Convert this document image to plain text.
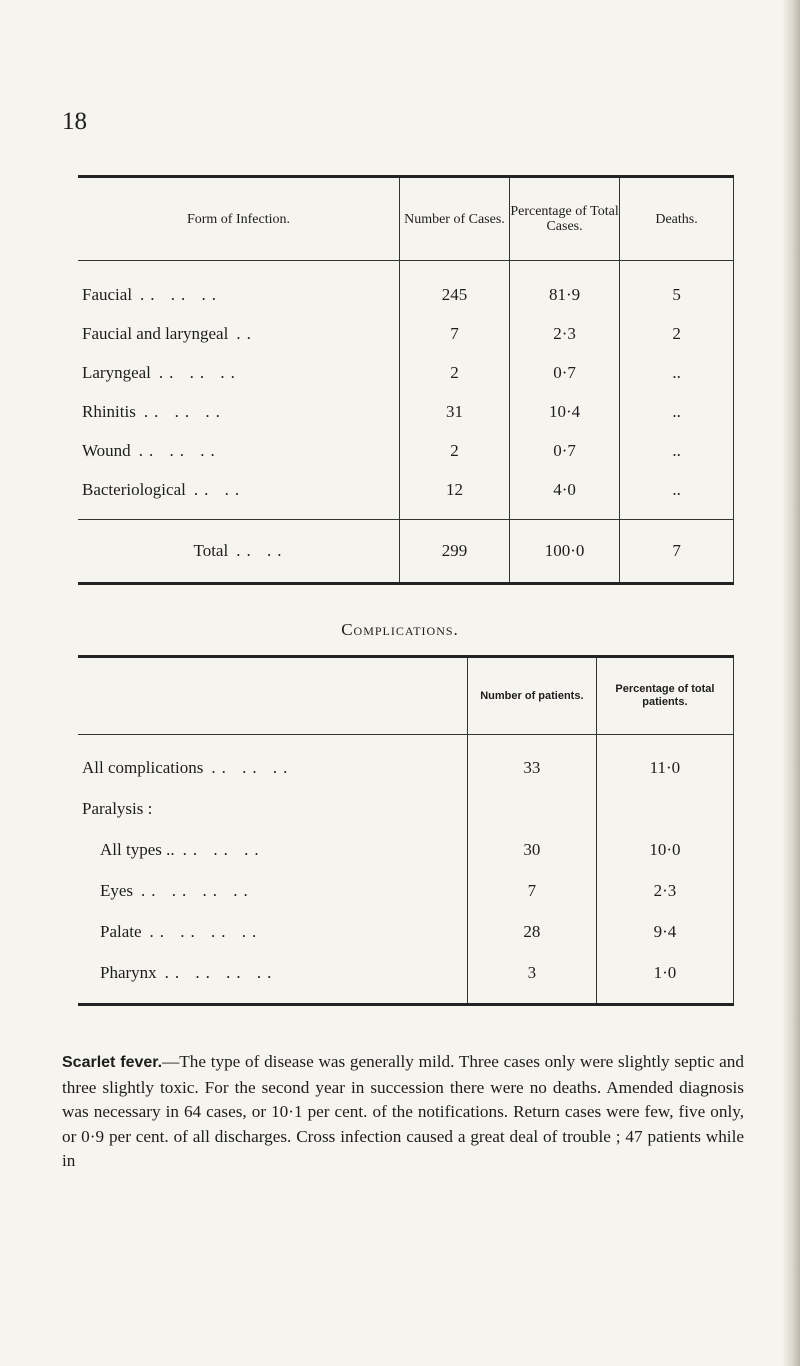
18
Form of Infection.	Number of Cases.	Percentage of Total Cases.	Deaths.
Faucial .. .. ..	245	81·9	5
Faucial and laryngeal ..	7	2·3	2
Laryngeal .. .. ..	2	0·7	..
Rhinitis .. .. ..	31	10·4	..
Wound .. .. ..	2	0·7	..
Bacteriological .. ..	12	4·0	..
Total .. ..	299	100·0	7
Complications.
	Number of patients.	Percentage of total patients.
All complications .. .. ..	33	11·0
Paralysis :		
All types .. .. .. ..	30	10·0
Eyes .. .. .. ..	7	2·3
Palate .. .. .. ..	28	9·4
Pharynx .. .. .. ..	3	1·0
Scarlet fever.—The type of disease was generally mild. Three cases only were slightly septic and three slightly toxic. For the second year in succession there were no deaths. Amended diagnosis was necessary in 64 cases, or 10·1 per cent. of the notifications. Return cases were few, five only, or 0·9 per cent. of all discharges. Cross infection caused a great deal of trouble ; 47 patients while in
